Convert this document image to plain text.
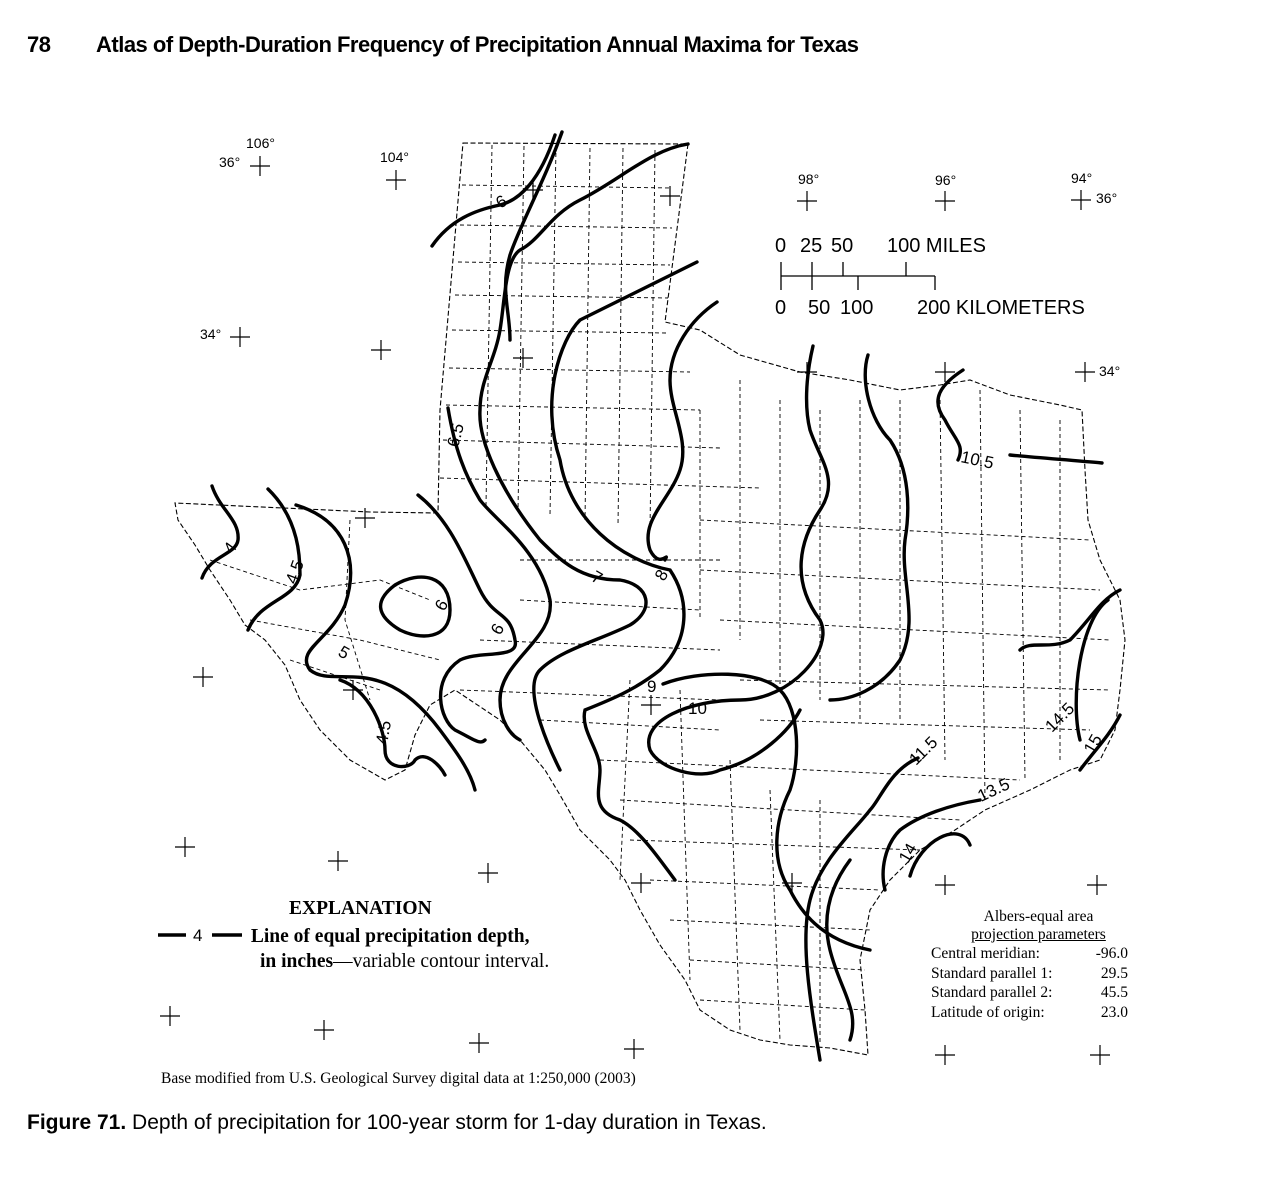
78 Atlas of Depth-Duration Frequency of Precipitation Annual Maxima for Texas
106°
36°	104°
34°
98°	96°	94°
36°
34°
0 25 50 100 MILES
0 50 100 200 KILOMETERS
4
4.5
5
4.5
6
6
6
6.5
7	8
9
10
10.5
11.5
13.5
14
14.5
15
EXPLANATION
4 Line of equal precipitation depth,
in inches—variable contour interval.
Albers-equal area
projection parameters
Central meridian:	-96.0
Standard parallel 1:	29.5
Standard parallel 2:	45.5
Latitude of origin:	23.0
Base modified from U.S. Geological Survey digital data at 1:250,000 (2003)
Figure 71. Depth of precipitation for 100-year storm for 1-day duration in Texas.
